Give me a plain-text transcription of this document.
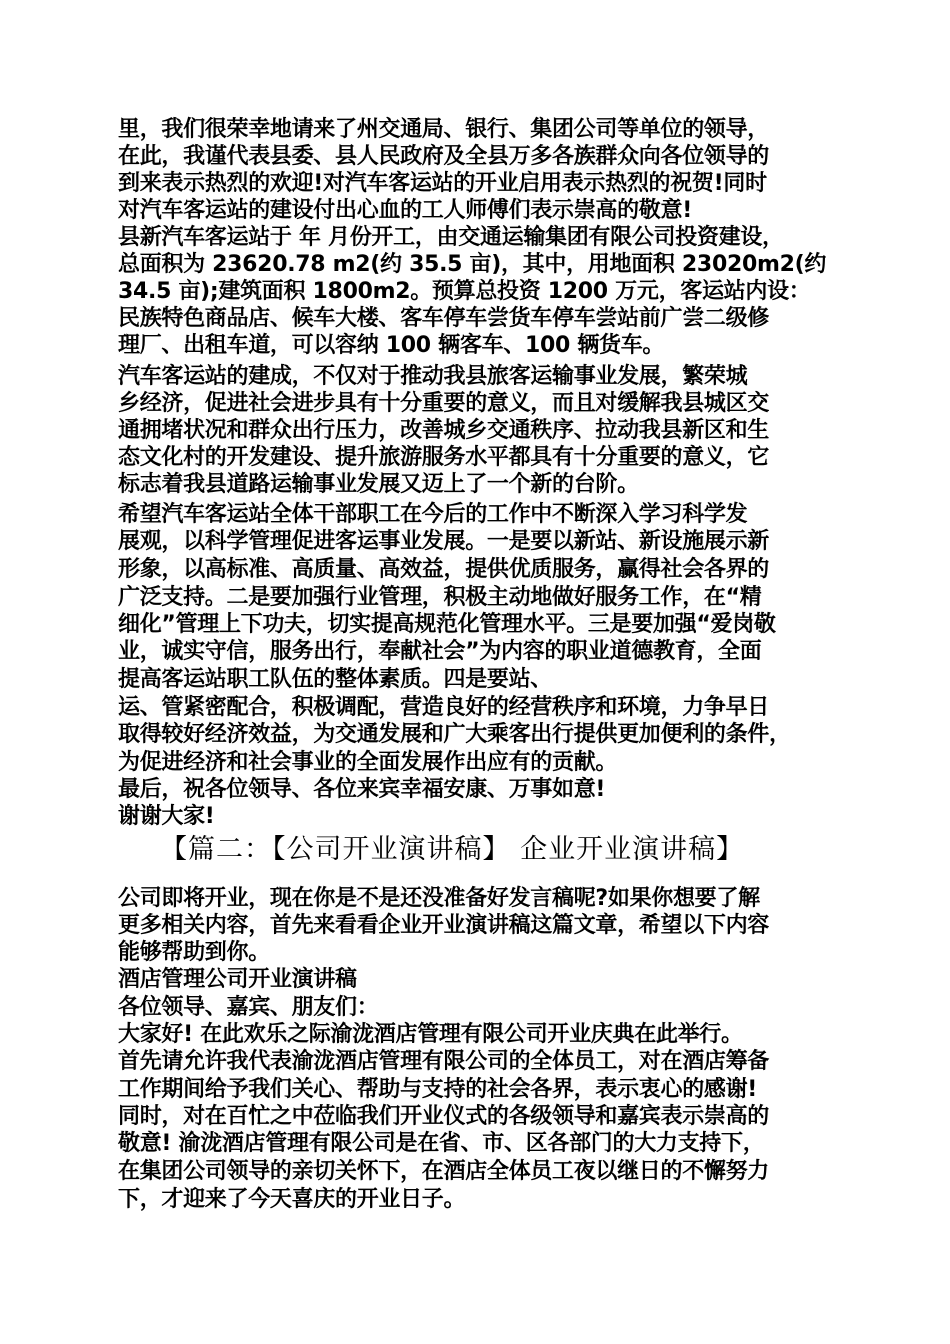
里，我们很荣幸地请来了州交通局、银行、集团公司等单位的领导，
在此，我谨代表县委、县人民政府及全县万多各族群众向各位领导的
到来表示热烈的欢迎!对汽车客运站的开业启用表示热烈的祝贺!同时
对汽车客运站的建设付出心血的工人师傅们表示崇高的敬意!
县新汽车客运站于 年 月份开工，由交通运输集团有限公司投资建设，
总面积为 23620.78 m2(约 35.5 亩)，其中，用地面积 23020m2(约
34.5 亩);建筑面积 1800m2。预算总投资 1200 万元，客运站内设：
民族特色商品店、候车大楼、客车停车尝货车停车尝站前广尝二级修
理厂、出租车道，可以容纳 100 辆客车、100 辆货车。
汽车客运站的建成，不仅对于推动我县旅客运输事业发展，繁荣城
乡经济，促进社会进步具有十分重要的意义，而且对缓解我县城区交
通拥堵状况和群众出行压力，改善城乡交通秩序、拉动我县新区和生
态文化村的开发建设、提升旅游服务水平都具有十分重要的意义，它
标志着我县道路运输事业发展又迈上了一个新的台阶。
希望汽车客运站全体干部职工在今后的工作中不断深入学习科学发
展观，以科学管理促进客运事业发展。一是要以新站、新设施展示新
形象，以高标准、高质量、高效益，提供优质服务，赢得社会各界的
广泛支持。二是要加强行业管理，积极主动地做好服务工作，在“精
细化”管理上下功夫，切实提高规范化管理水平。三是要加强“爱岗敬
业，诚实守信，服务出行，奉献社会”为内容的职业道德教育，全面
提高客运站职工队伍的整体素质。四是要站、
运、管紧密配合，积极调配，营造良好的经营秩序和环境，力争早日
取得较好经济效益，为交通发展和广大乘客出行提供更加便利的条件，
为促进经济和社会事业的全面发展作出应有的贡献。
最后，祝各位领导、各位来宾幸福安康、万事如意!
谢谢大家!
【篇二：【公司开业演讲稿】 企业开业演讲稿】
公司即将开业，现在你是不是还没准备好发言稿呢?如果你想要了解
更多相关内容，首先来看看企业开业演讲稿这篇文章，希望以下内容
能够帮助到你。
酒店管理公司开业演讲稿
各位领导、嘉宾、朋友们：
大家好! 在此欢乐之际渝泷酒店管理有限公司开业庆典在此举行。
首先请允许我代表渝泷酒店管理有限公司的全体员工，对在酒店筹备
工作期间给予我们关心、帮助与支持的社会各界，表示衷心的感谢!
同时，对在百忙之中莅临我们开业仪式的各级领导和嘉宾表示崇高的
敬意! 渝泷酒店管理有限公司是在省、市、区各部门的大力支持下，
在集团公司领导的亲切关怀下，在酒店全体员工夜以继日的不懈努力
下，才迎来了今天喜庆的开业日子。
